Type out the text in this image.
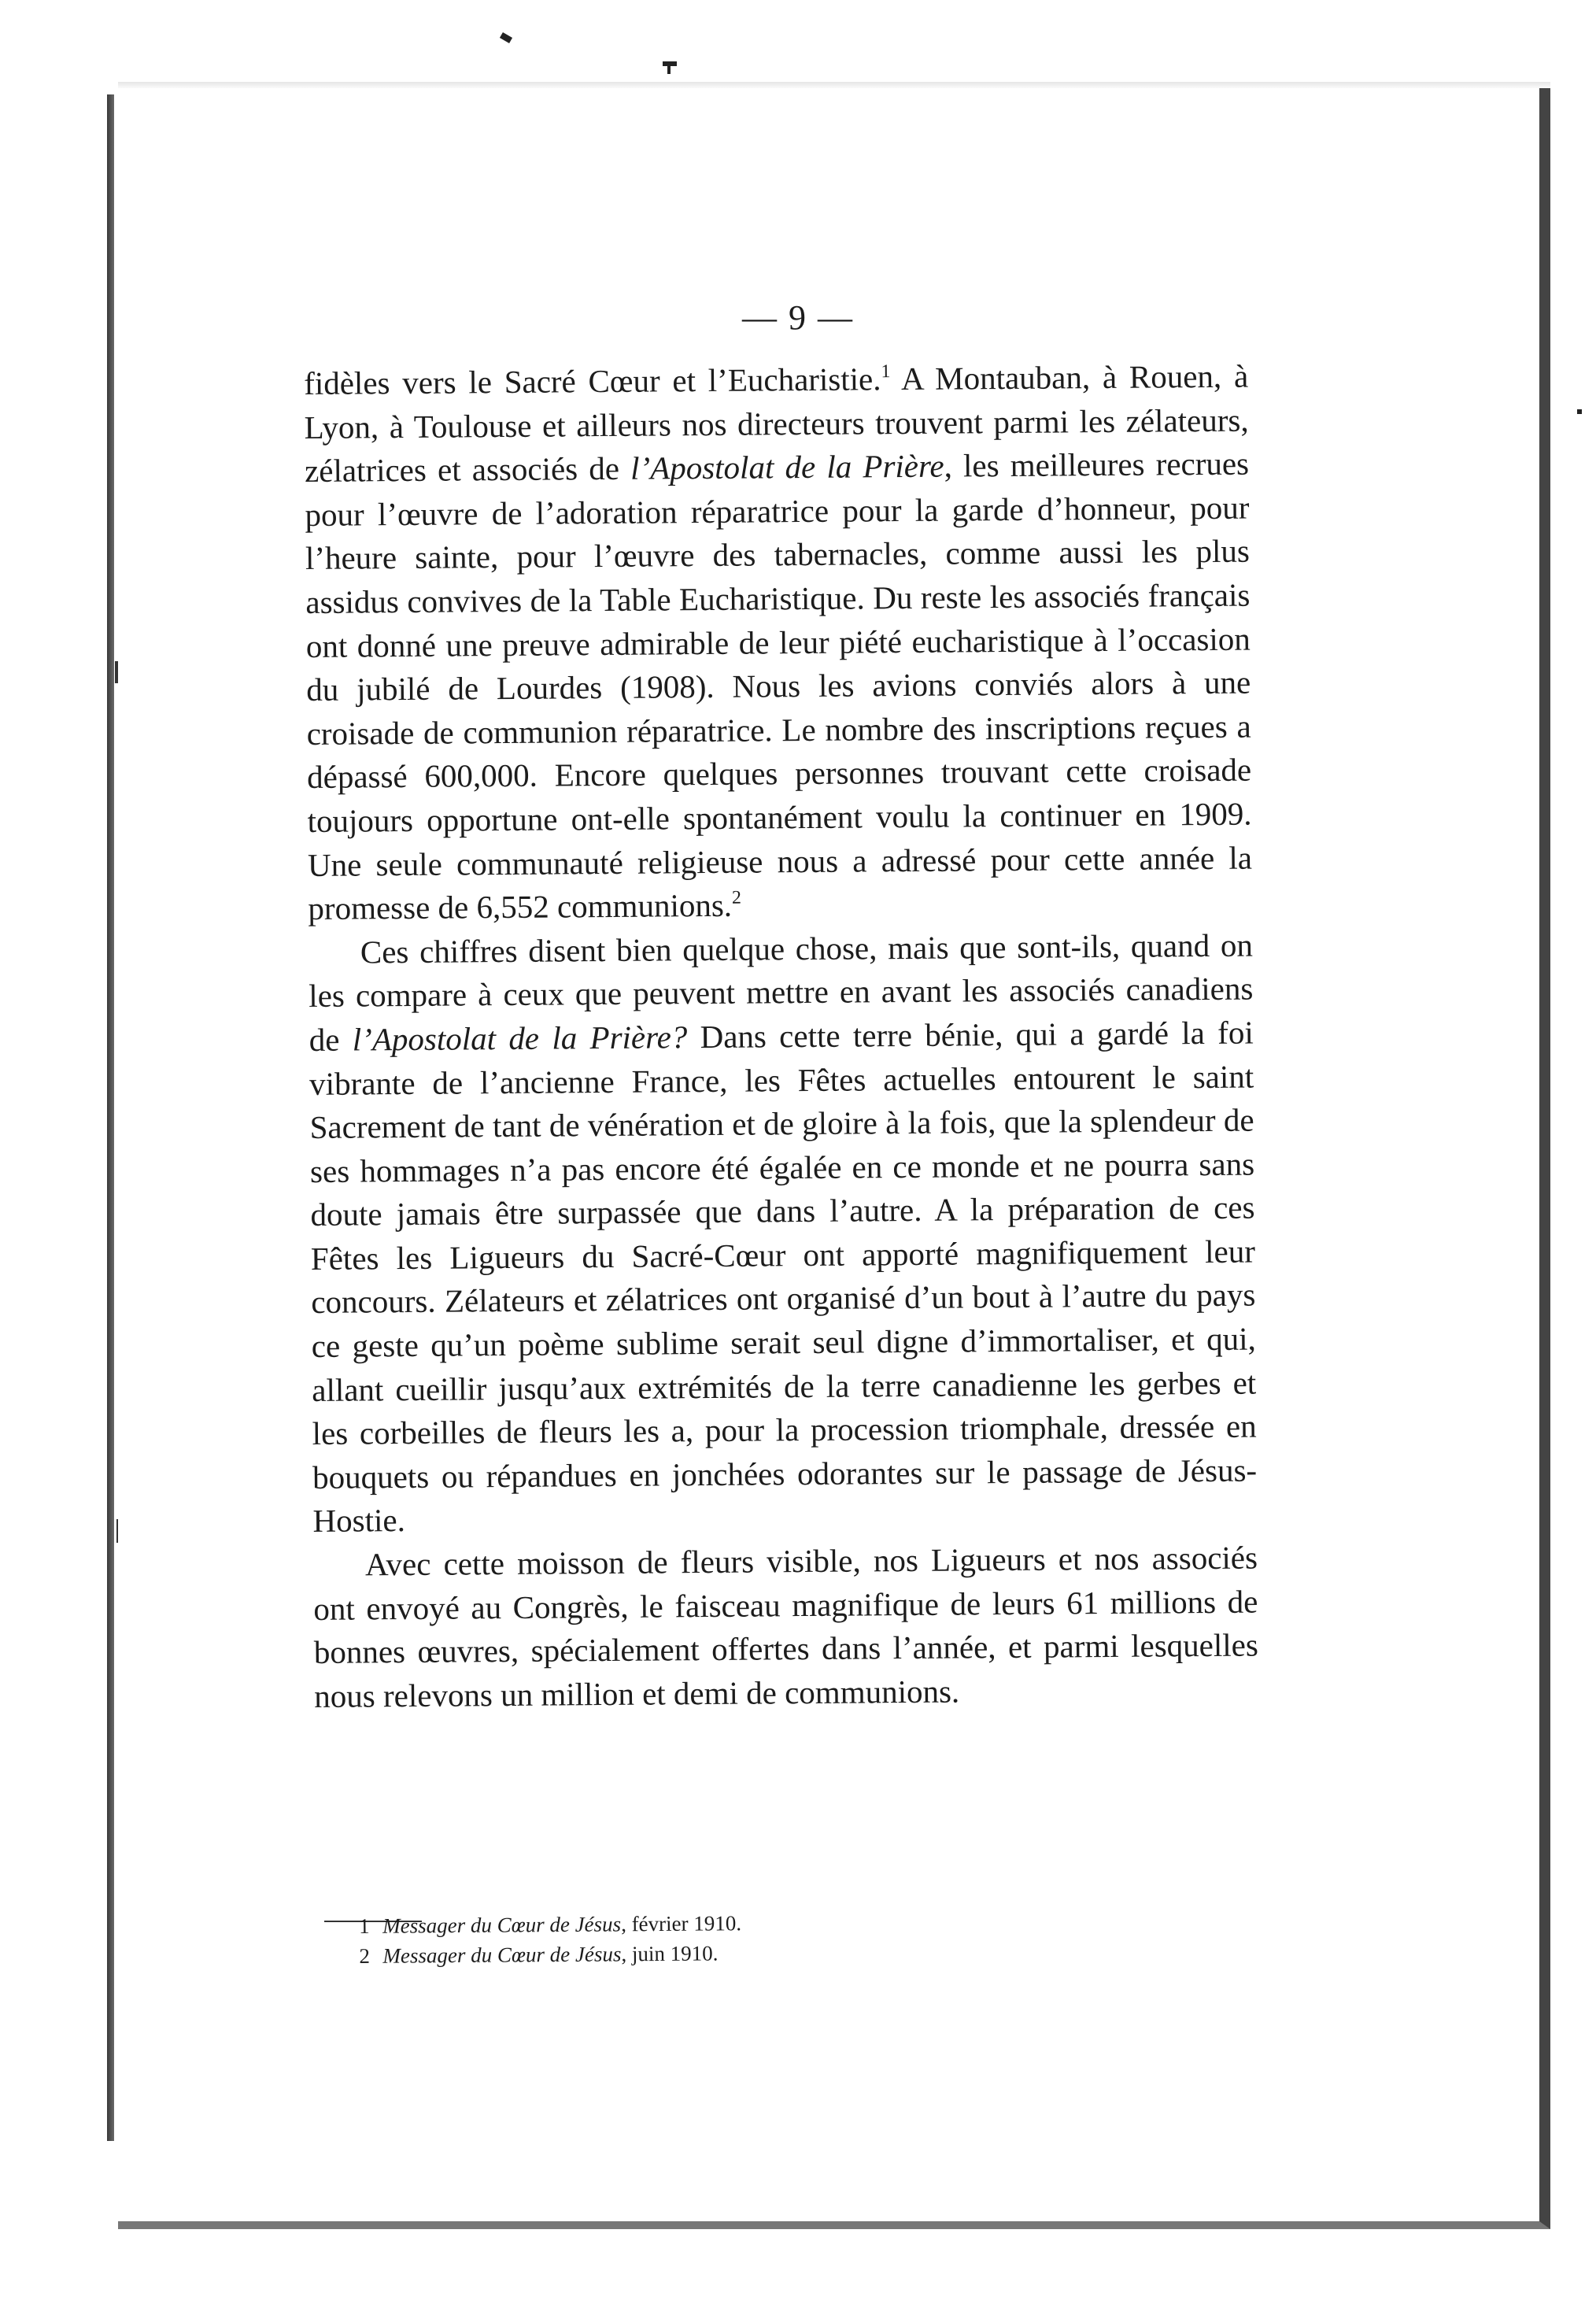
— 9 —

fidèles vers le Sacré Cœur et l’Eucharistie.$^1$ A Montauban, à Rouen, à Lyon, à Toulouse et ailleurs nos directeurs trouvent parmi les zélateurs, zélatrices et associés de l’Apostolat de la Prière, les meilleures recrues pour l’œuvre de l’adoration réparatrice pour la garde d’honneur, pour l’heure sainte, pour l’œuvre des tabernacles, comme aussi les plus assidus convives de la Table Eucharistique. Du reste les associés français ont donné une preuve admirable de leur piété eucharistique à l’occasion du jubilé de Lourdes (1908). Nous les avions conviés alors à une croisade de communion réparatrice. Le nombre des inscriptions reçues a dépassé 600,000. Encore quelques personnes trouvant cette croisade toujours opportune ont-elle spontanément voulu la continuer en 1909. Une seule communauté religieuse nous a adressé pour cette année la promesse de 6,552 communions.$^2$

Ces chiffres disent bien quelque chose, mais que sont-ils, quand on les compare à ceux que peuvent mettre en avant les associés canadiens de l’Apostolat de la Prière? Dans cette terre bénie, qui a gardé la foi vibrante de l’ancienne France, les Fêtes actuelles entourent le saint Sacrement de tant de vénération et de gloire à la fois, que la splendeur de ses hommages n’a pas encore été égalée en ce monde et ne pourra sans doute jamais être surpassée que dans l’autre. A la préparation de ces Fêtes les Ligueurs du Sacré-Cœur ont apporté magnifiquement leur concours. Zélateurs et zélatrices ont organisé d’un bout à l’autre du pays ce geste qu’un poème sublime serait seul digne d’immortaliser, et qui, allant cueillir jusqu’aux extrémités de la terre canadienne les gerbes et les corbeilles de fleurs les a, pour la procession triomphale, dressée en bouquets ou répandues en jonchées odorantes sur le passage de Jésus-Hostie.

Avec cette moisson de fleurs visible, nos Ligueurs et nos associés ont envoyé au Congrès, le faisceau magnifique de leurs 61 millions de bonnes œuvres, spécialement offertes dans l’année, et parmi lesquelles nous relevons un million et demi de communions.

1 Messager du Cœur de Jésus, février 1910.
2 Messager du Cœur de Jésus, juin 1910.
